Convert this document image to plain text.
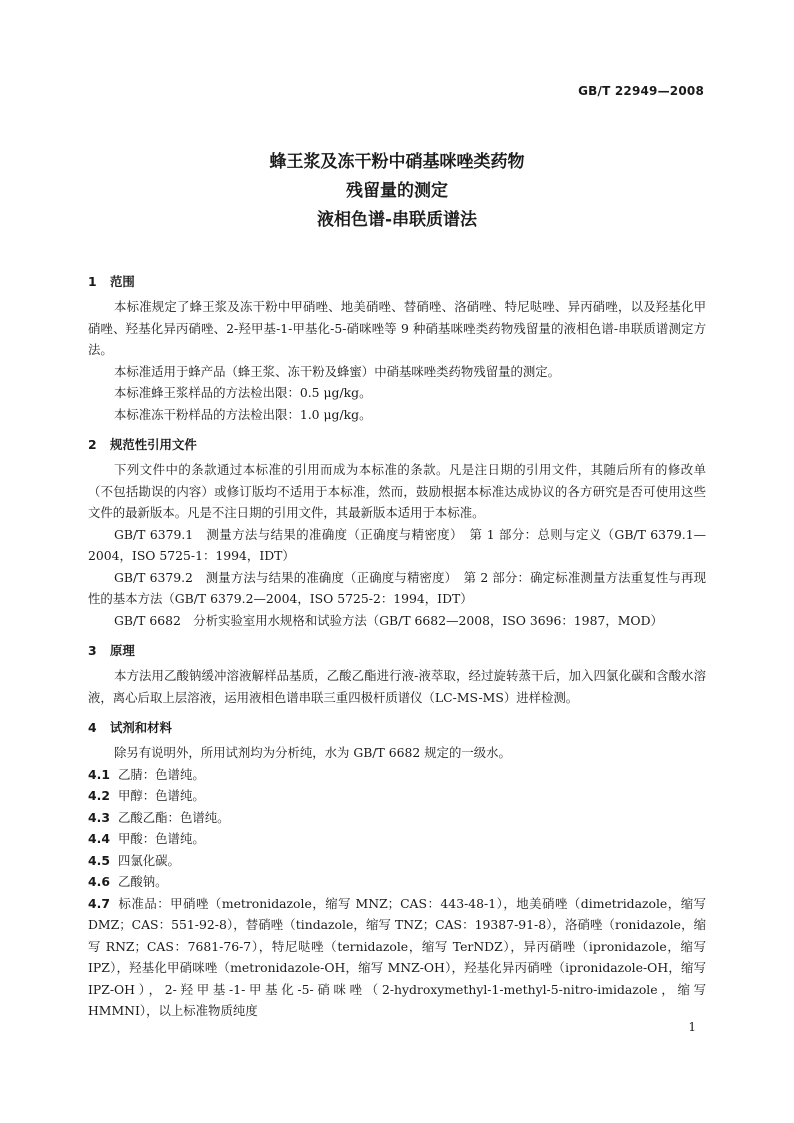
GB/T 22949—2008
蜂王浆及冻干粉中硝基咪唑类药物
残留量的测定
液相色谱-串联质谱法
1 范围

本标准规定了蜂王浆及冻干粉中甲硝唑、地美硝唑、替硝唑、洛硝唑、特尼哒唑、异丙硝唑，以及羟基化甲硝唑、羟基化异丙硝唑、2-羟甲基-1-甲基化-5-硝咪唑等 9 种硝基咪唑类药物残留量的液相色谱-串联质谱测定方法。

本标准适用于蜂产品（蜂王浆、冻干粉及蜂蜜）中硝基咪唑类药物残留量的测定。

本标准蜂王浆样品的方法检出限：0.5 μg/kg。

本标准冻干粉样品的方法检出限：1.0 μg/kg。

2 规范性引用文件

下列文件中的条款通过本标准的引用而成为本标准的条款。凡是注日期的引用文件，其随后所有的修改单（不包括勘误的内容）或修订版均不适用于本标准，然而，鼓励根据本标准达成协议的各方研究是否可使用这些文件的最新版本。凡是不注日期的引用文件，其最新版本适用于本标准。

GB/T 6379.1　测量方法与结果的准确度（正确度与精密度）　第 1 部分：总则与定义（GB/T 6379.1—2004，ISO 5725-1：1994，IDT）

GB/T 6379.2　测量方法与结果的准确度（正确度与精密度）　第 2 部分：确定标准测量方法重复性与再现性的基本方法（GB/T 6379.2—2004，ISO 5725-2：1994，IDT）

GB/T 6682　分析实验室用水规格和试验方法（GB/T 6682—2008，ISO 3696：1987，MOD）

3 原理

本方法用乙酸钠缓冲溶液解样品基质，乙酸乙酯进行液-液萃取，经过旋转蒸干后，加入四氯化碳和含酸水溶液，离心后取上层溶液，运用液相色谱串联三重四极杆质谱仪（LC-MS-MS）进样检测。

4 试剂和材料

除另有说明外，所用试剂均为分析纯，水为 GB/T 6682 规定的一级水。

4.1 乙腈：色谱纯。
4.2 甲醇：色谱纯。
4.3 乙酸乙酯：色谱纯。
4.4 甲酸：色谱纯。
4.5 四氯化碳。
4.6 乙酸钠。

4.7 标准品：甲硝唑（metronidazole，缩写 MNZ；CAS：443-48-1），地美硝唑（dimetridazole，缩写 DMZ；CAS：551-92-8），替硝唑（tindazole，缩写 TNZ；CAS：19387-91-8），洛硝唑（ronidazole，缩写 RNZ；CAS：7681-76-7），特尼哒唑（ternidazole，缩写 TerNDZ），异丙硝唑（ipronidazole，缩写 IPZ），羟基化甲硝咪唑（metronidazole-OH，缩写 MNZ-OH），羟基化异丙硝唑（ipronidazole-OH，缩写 IPZ-OH），2-羟甲基-1-甲基化-5-硝咪唑（2-hydroxymethyl-1-methyl-5-nitro-imidazole，缩写 HMMNI），以上标准物质纯度

1
